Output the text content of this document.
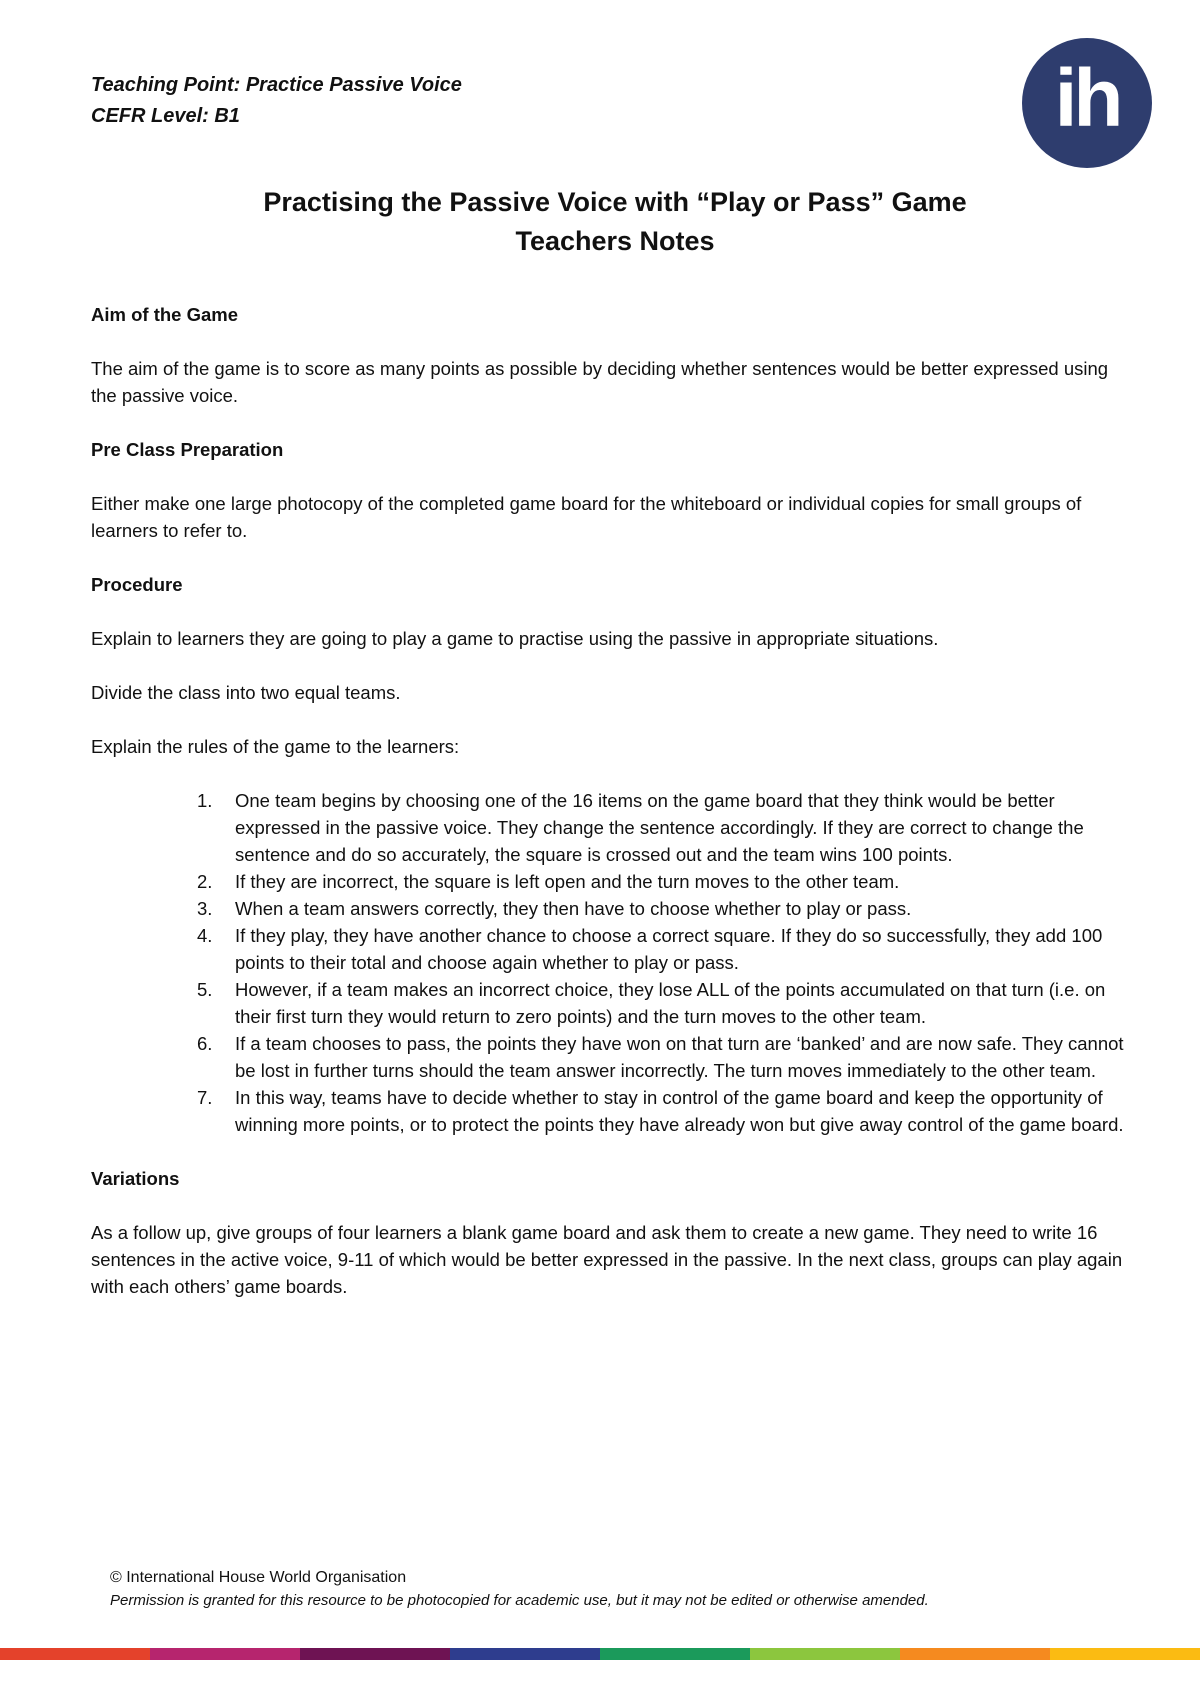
Teaching Point: Practice Passive Voice
CEFR Level: B1	ih
Practising the Passive Voice with “Play or Pass” Game
Teachers Notes
Aim of the Game

The aim of the game is to score as many points as possible by deciding whether sentences would be better expressed using the passive voice.

Pre Class Preparation

Either make one large photocopy of the completed game board for the whiteboard or individual copies for small groups of learners to refer to.

Procedure

Explain to learners they are going to play a game to practise using the passive in appropriate situations.

Divide the class into two equal teams.

Explain the rules of the game to the learners:

1.	One team begins by choosing one of the 16 items on the game board that they think would be better expressed in the passive voice. They change the sentence accordingly. If they are correct to change the sentence and do so accurately, the square is crossed out and the team wins 100 points.
2.	If they are incorrect, the square is left open and the turn moves to the other team.
3.	When a team answers correctly, they then have to choose whether to play or pass.
4.	If they play, they have another chance to choose a correct square. If they do so successfully, they add 100 points to their total and choose again whether to play or pass.
5.	However, if a team makes an incorrect choice, they lose ALL of the points accumulated on that turn (i.e. on their first turn they would return to zero points) and the turn moves to the other team.
6.	If a team chooses to pass, the points they have won on that turn are ‘banked’ and are now safe. They cannot be lost in further turns should the team answer incorrectly. The turn moves immediately to the other team.
7.	In this way, teams have to decide whether to stay in control of the game board and keep the opportunity of winning more points, or to protect the points they have already won but give away control of the game board.
Variations

As a follow up, give groups of four learners a blank game board and ask them to create a new game. They need to write 16 sentences in the active voice, 9-11 of which would be better expressed in the passive. In the next class, groups can play again with each others’ game boards.

© International House World Organisation
Permission is granted for this resource to be photocopied for academic use, but it may not be edited or otherwise amended.
